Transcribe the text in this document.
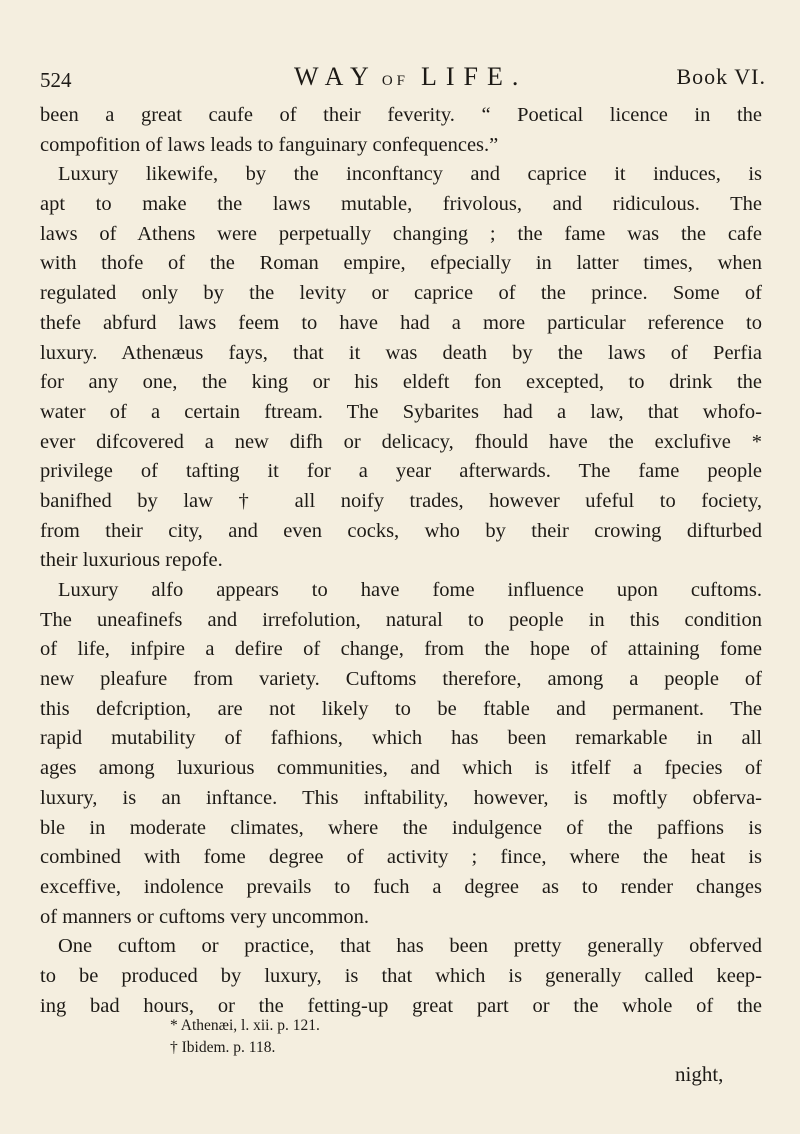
524	WAY OF LIFE.	Book VI.
been a great caufe of their feverity. “ Poetical licence in the
compofition of laws leads to fanguinary confequences.”
Luxury likewife, by the inconftancy and caprice it induces, is
apt to make the laws mutable, frivolous, and ridiculous. The
laws of Athens were perpetually changing ; the fame was the cafe
with thofe of the Roman empire, efpecially in latter times, when
regulated only by the levity or caprice of the prince. Some of
thefe abfurd laws feem to have had a more particular reference to
luxury. Athenæus fays, that it was death by the laws of Perfia
for any one, the king or his eldeft fon excepted, to drink the
water of a certain ftream. The Sybarites had a law, that whofo-
ever difcovered a new difh or delicacy, fhould have the exclufive *
privilege of tafting it for a year afterwards. The fame people
banifhed by law † all noify trades, however ufeful to fociety,
from their city, and even cocks, who by their crowing difturbed
their luxurious repofe.
Luxury alfo appears to have fome influence upon cuftoms.
The uneafinefs and irrefolution, natural to people in this condition
of life, infpire a defire of change, from the hope of attaining fome
new pleafure from variety. Cuftoms therefore, among a people of
this defcription, are not likely to be ftable and permanent. The
rapid mutability of fafhions, which has been remarkable in all
ages among luxurious communities, and which is itfelf a fpecies of
luxury, is an inftance. This inftability, however, is moftly obferva-
ble in moderate climates, where the indulgence of the paffions is
combined with fome degree of activity ; fince, where the heat is
exceffive, indolence prevails to fuch a degree as to render changes
of manners or cuftoms very uncommon.
One cuftom or practice, that has been pretty generally obferved
to be produced by luxury, is that which is generally called keep-
ing bad hours, or the fetting-up great part or the whole of the
* Athenæi, l. xii. p. 121.
† Ibidem. p. 118.
night,
